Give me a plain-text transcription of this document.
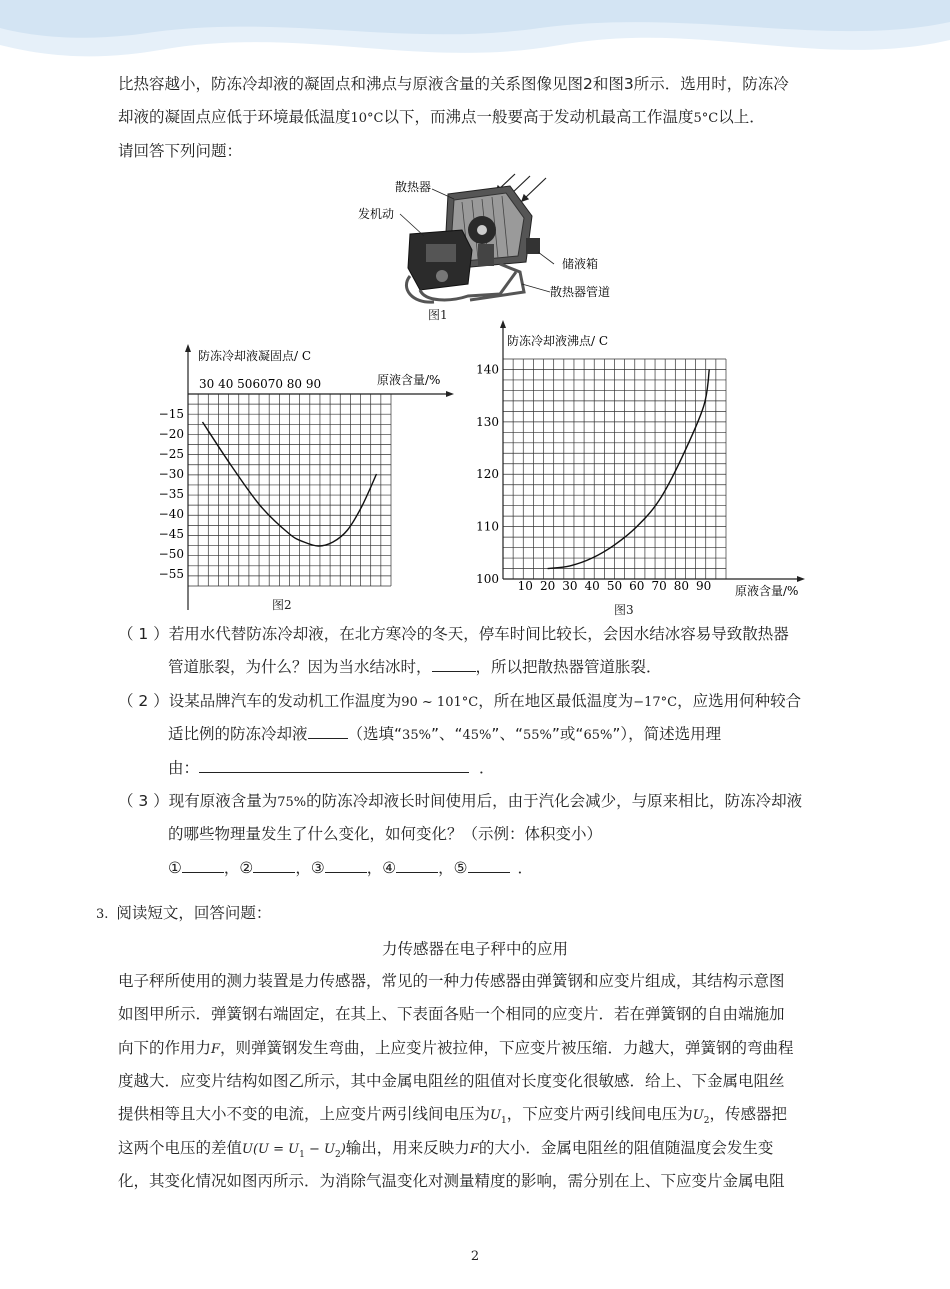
比热容越小，防冻冷却液的凝固点和沸点与原液含量的关系图像见图2和图3所示．选用时，防冻冷
却液的凝固点应低于环境最低温度10°C以下，而沸点一般要高于发动机最高工作温度5°C以上．
请回答下列问题：
散热器
发机动
储液箱
散热器管道
图1
防冻冷却液凝固点/ C
原液含量/%
30 40 506070 80 90
−15
−20
−25
−30
−35
−40
−45
−50
−55
图2
防冻冷却液沸点/ C
原液含量/%
10 20 30 40 50 60 70 80 90
100
110
120
130
140
图3
（ 1 ）若用水代替防冻冷却液，在北方寒冷的冬天，停车时间比较长，会因水结冰容易导致散热器
管道胀裂，为什么？因为当水结冰时，	，所以把散热器管道胀裂．
（ 2 ）设某品牌汽车的发动机工作温度为90 ~ 101°C，所在地区最低温度为−17°C，应选用何种较合
适比例的防冻冷却液	（选填“35%”、“45%”、“55%”或“65%”），简述选用理
由：	．
（ 3 ）现有原液含量为75%的防冻冷却液长时间使用后，由于汽化会减少，与原来相比，防冻冷却液
的哪些物理量发生了什么变化，如何变化？（示例：体积变小）
①	，②	，③	，④	，⑤	．
3. 阅读短文，回答问题：
力传感器在电子秤中的应用
电子秤所使用的测力装置是力传感器，常见的一种力传感器由弹簧钢和应变片组成，其结构示意图
如图甲所示．弹簧钢右端固定，在其上、下表面各贴一个相同的应变片．若在弹簧钢的自由端施加
向下的作用力F，则弹簧钢发生弯曲，上应变片被拉伸，下应变片被压缩．力越大，弹簧钢的弯曲程
度越大．应变片结构如图乙所示，其中金属电阻丝的阻值对长度变化很敏感．给上、下金属电阻丝
提供相等且大小不变的电流，上应变片两引线间电压为$U_1$，下应变片两引线间电压为$U_2$，传感器把
这两个电压的差值$U(U = U_1 - U_2)$输出，用来反映力F的大小．金属电阻丝的阻值随温度会发生变
化，其变化情况如图丙所示．为消除气温变化对测量精度的影响，需分别在上、下应变片金属电阻
2
